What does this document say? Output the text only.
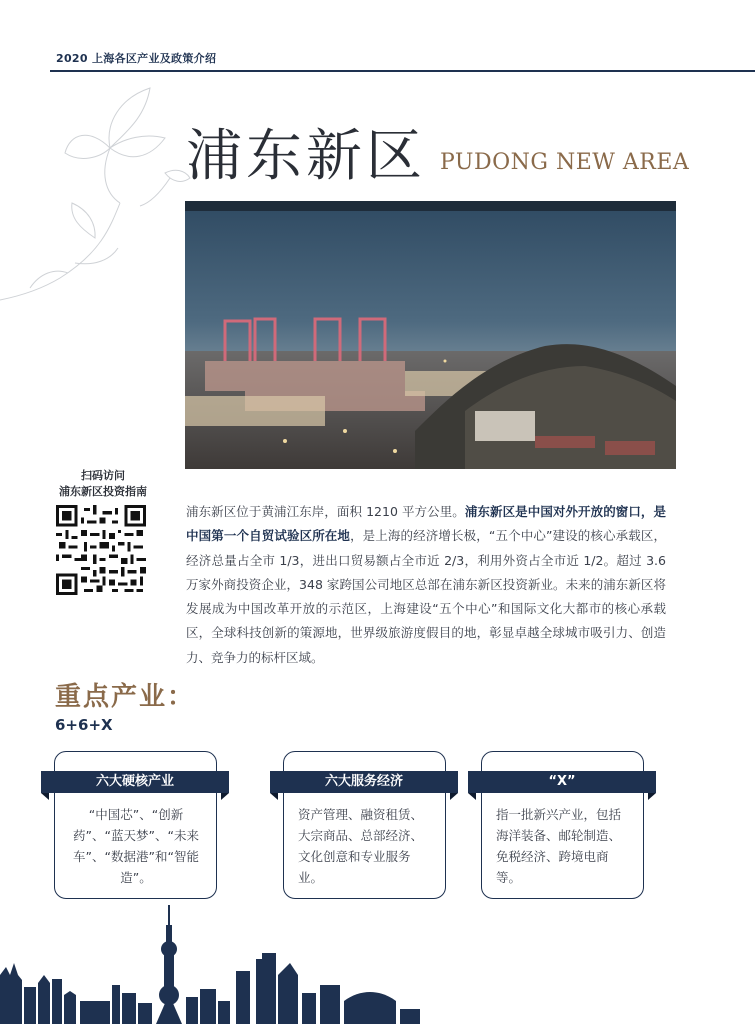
2020 上海各区产业及政策介绍
浦东新区 PUDONG NEW AREA
扫码访问
浦东新区投资指南

浦东新区位于黄浦江东岸，面积 1210 平方公里。浦东新区是中国对外开放的窗口，是中国第一个自贸试验区所在地，是上海的经济增长极，“五个中心”建设的核心承载区，经济总量占全市 1/3，进出口贸易额占全市近 2/3，利用外资占全市近 1/2。超过 3.6 万家外商投资企业，348 家跨国公司地区总部在浦东新区投资新业。未来的浦东新区将发展成为中国改革开放的示范区，上海建设“五个中心”和国际文化大都市的核心承载区，全球科技创新的策源地，世界级旅游度假目的地，彰显卓越全球城市吸引力、创造力、竞争力的标杆区域。

重点产业：
6+6+X
六大硬核产业
“中国芯”、“创新药”、“蓝天梦”、“未来车”、“数据港”和“智能造”。
六大服务经济
资产管理、融资租赁、大宗商品、总部经济、文化创意和专业服务业。
“X”
指一批新兴产业，包括海洋装备、邮轮制造、免税经济、跨境电商等。
